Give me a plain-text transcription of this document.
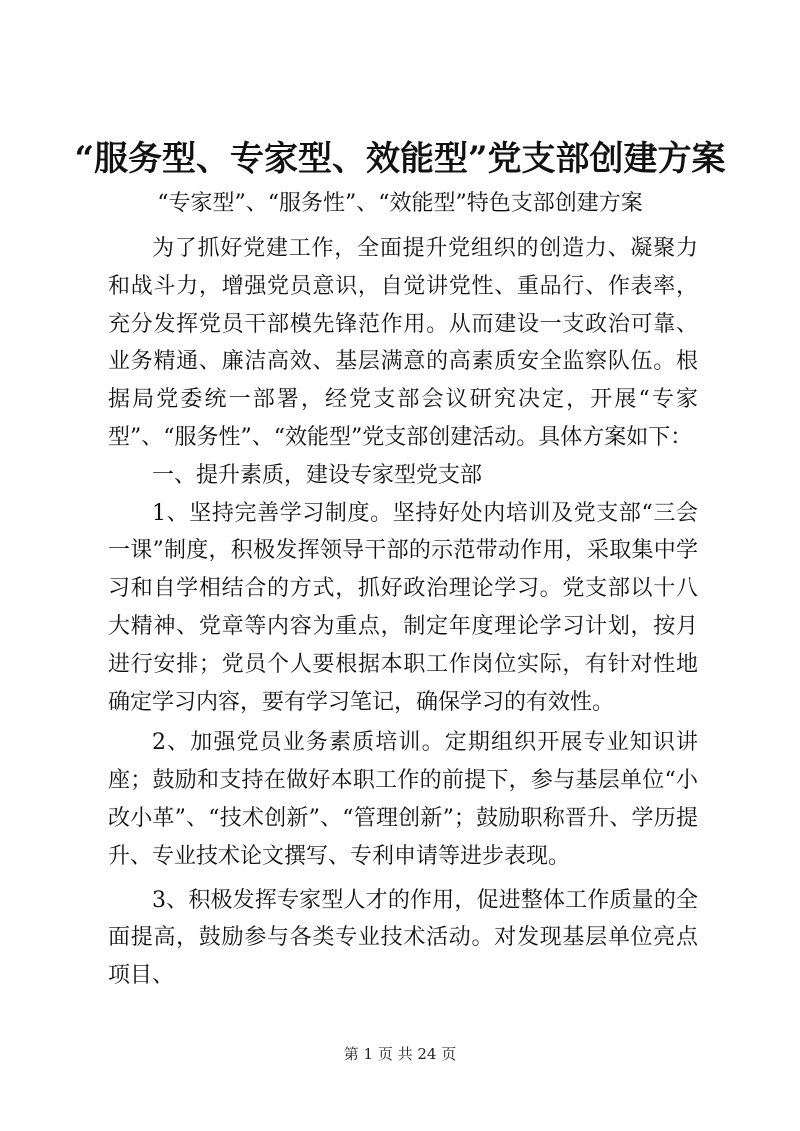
“服务型、专家型、效能型”党支部创建方案
“专家型”、“服务性”、“效能型”特色支部创建方案

为了抓好党建工作，全面提升党组织的创造力、凝聚力和战斗力，增强党员意识，自觉讲党性、重品行、作表率，充分发挥党员干部模先锋范作用。从而建设一支政治可靠、业务精通、廉洁高效、基层满意的高素质安全监察队伍。根据局党委统一部署，经党支部会议研究决定，开展“专家型”、“服务性”、“效能型”党支部创建活动。具体方案如下：

一、提升素质，建设专家型党支部

1、坚持完善学习制度。坚持好处内培训及党支部“三会一课”制度，积极发挥领导干部的示范带动作用，采取集中学习和自学相结合的方式，抓好政治理论学习。党支部以十八大精神、党章等内容为重点，制定年度理论学习计划，按月进行安排；党员个人要根据本职工作岗位实际，有针对性地确定学习内容，要有学习笔记，确保学习的有效性。

2、加强党员业务素质培训。定期组织开展专业知识讲座；鼓励和支持在做好本职工作的前提下，参与基层单位“小改小革”、“技术创新”、“管理创新”；鼓励职称晋升、学历提升、专业技术论文撰写、专利申请等进步表现。

3、积极发挥专家型人才的作用，促进整体工作质量的全面提高，鼓励参与各类专业技术活动。对发现基层单位亮点项目、

第 1 页 共 24 页
